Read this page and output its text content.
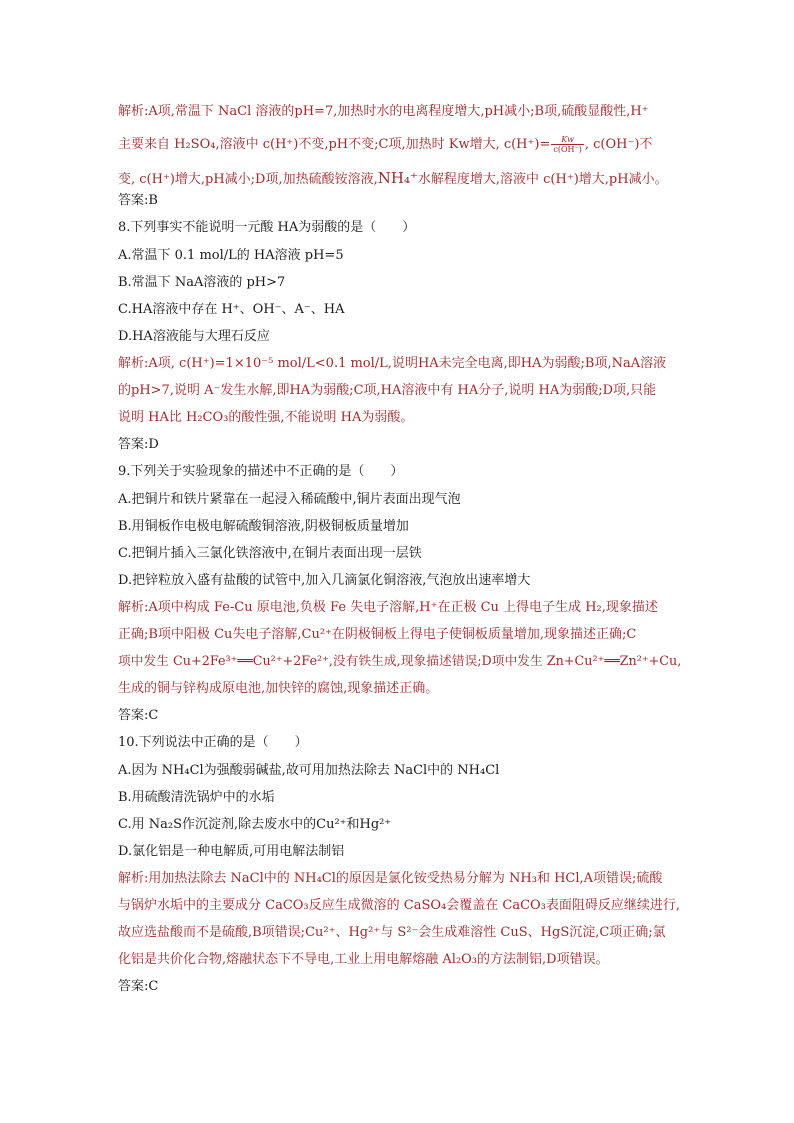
解析:A项,常温下 NaCl 溶液的pH=7,加热时水的电离程度增大,pH减小;B项,硫酸显酸性,H⁺
主要来自 H₂SO₄,溶液中 c(H⁺)不变,pH不变;C项,加热时 Kw增大, $c(H^+)= \frac{Kw}{c(OH^-)}$ , c(OH⁻)不
变, c(H⁺)增大,pH减小;D项,加热硫酸铵溶液,NH₄⁺水解程度增大,溶液中 c(H⁺)增大,pH减小。
答案:B
8.下列事实不能说明一元酸 HA为弱酸的是（　　）
A.常温下 0.1 mol/L的 HA溶液 pH=5
B.常温下 NaA溶液的 pH>7
C.HA溶液中存在 H⁺、OH⁻、A⁻、HA
D.HA溶液能与大理石反应
解析:A项, c(H⁺)=1×10⁻⁵ mol/L<0.1 mol/L,说明HA未完全电离,即HA为弱酸;B项,NaA溶液
的pH>7,说明 A⁻发生水解,即HA为弱酸;C项,HA溶液中有 HA分子,说明 HA为弱酸;D项,只能
说明 HA比 H₂CO₃的酸性强,不能说明 HA为弱酸。
答案:D
9.下列关于实验现象的描述中不正确的是（　　）
A.把铜片和铁片紧靠在一起浸入稀硫酸中,铜片表面出现气泡
B.用铜板作电极电解硫酸铜溶液,阴极铜板质量增加
C.把铜片插入三氯化铁溶液中,在铜片表面出现一层铁
D.把锌粒放入盛有盐酸的试管中,加入几滴氯化铜溶液,气泡放出速率增大
解析:A项中构成 Fe-Cu 原电池,负极 Fe 失电子溶解,H⁺在正极 Cu 上得电子生成 H₂,现象描述
正确;B项中阳极 Cu失电子溶解,Cu²⁺在阴极铜板上得电子使铜板质量增加,现象描述正确;C
项中发生 Cu+2Fe³⁺══Cu²⁺+2Fe²⁺,没有铁生成,现象描述错误;D项中发生 Zn+Cu²⁺══Zn²⁺+Cu,
生成的铜与锌构成原电池,加快锌的腐蚀,现象描述正确。
答案:C
10.下列说法中正确的是（　　）
A.因为 NH₄Cl为强酸弱碱盐,故可用加热法除去 NaCl中的 NH₄Cl
B.用硫酸清洗锅炉中的水垢
C.用 Na₂S作沉淀剂,除去废水中的Cu²⁺和Hg²⁺
D.氯化铝是一种电解质,可用电解法制铝
解析:用加热法除去 NaCl中的 NH₄Cl的原因是氯化铵受热易分解为 NH₃和 HCl,A项错误;硫酸
与锅炉水垢中的主要成分 CaCO₃反应生成微溶的 CaSO₄会覆盖在 CaCO₃表面阻碍反应继续进行,
故应选盐酸而不是硫酸,B项错误;Cu²⁺、Hg²⁺与 S²⁻会生成难溶性 CuS、HgS沉淀,C项正确;氯
化铝是共价化合物,熔融状态下不导电,工业上用电解熔融 Al₂O₃的方法制铝,D项错误。
答案:C
